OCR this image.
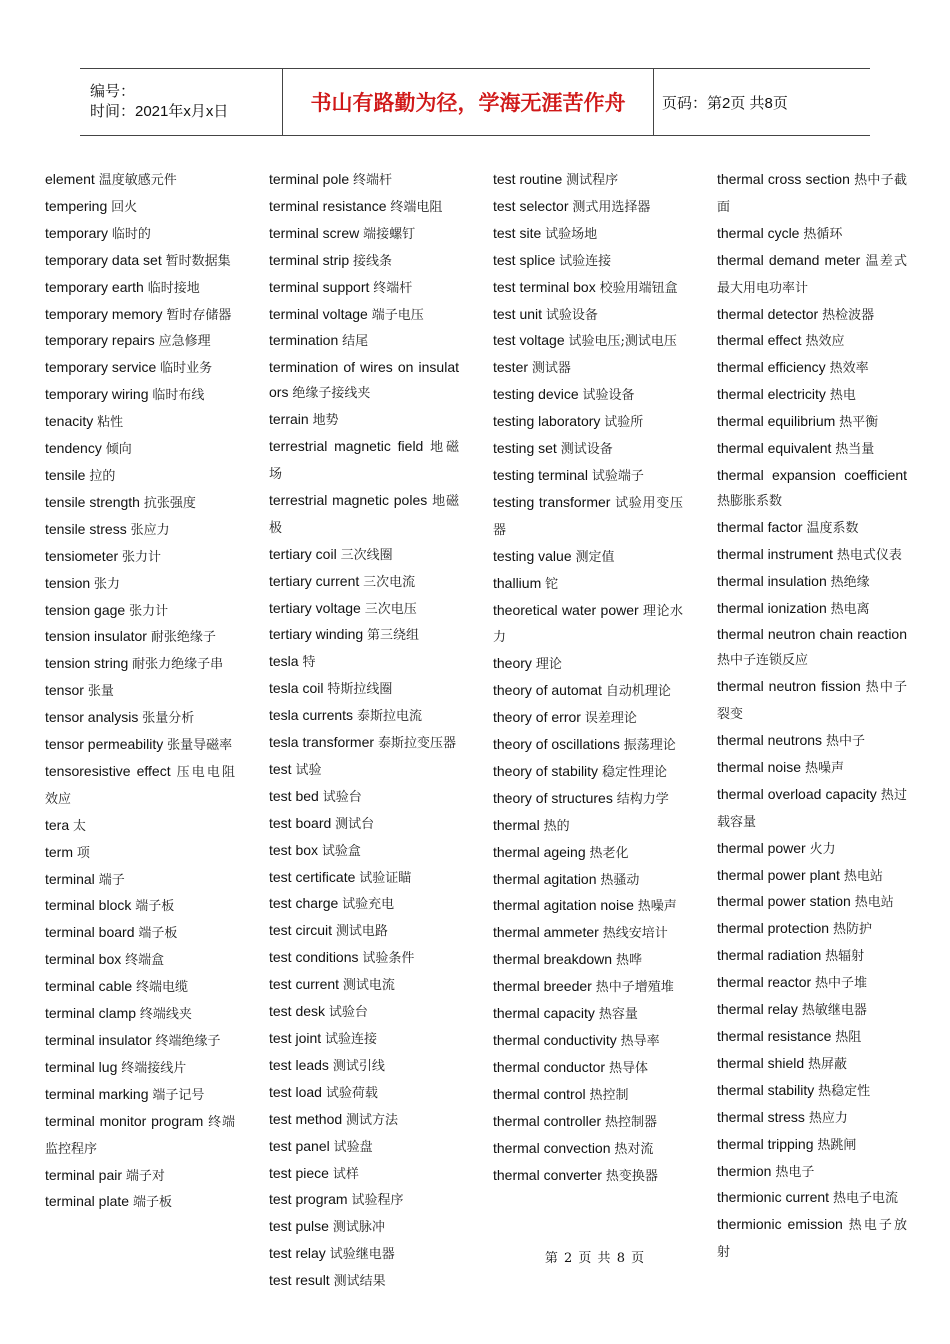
编号：
时间：2021年x月x日	书山有路勤为径，学海无涯苦作舟 页码：第2页 共8页
element 温度敏感元件
tempering 回火
temporary 临时的
temporary data set 暂时数据集
temporary earth 临时接地
temporary memory 暂时存储器
temporary repairs 应急修理
temporary service 临时业务
temporary wiring 临时布线
tenacity 粘性
tendency 倾向
tensile 拉的
tensile strength 抗张强度
tensile stress 张应力
tensiometer 张力计
tension 张力
tension gage 张力计
tension insulator 耐张绝缘子
tension string 耐张力绝缘子串
tensor 张量
tensor analysis 张量分析
tensor permeability 张量导磁率
tensoresistive effect 压电电阻效应
tera 太
term 项
terminal 端子
terminal block 端子板
terminal board 端子板
terminal box 终端盒
terminal cable 终端电缆
terminal clamp 终端线夹
terminal insulator 终端绝缘子
terminal lug 终端接线片
terminal marking 端子记号
terminal monitor program 终端监控程序
terminal pair 端子对
terminal plate 端子板
terminal pole 终端杆
terminal resistance 终端电阻
terminal screw 端接螺钉
terminal strip 接线条
terminal support 终端杆
terminal voltage 端子电压
termination 结尾
termination of wires on insulators 绝缘子接线夹
terrain 地势
terrestrial magnetic field 地磁场
terrestrial magnetic poles 地磁极
tertiary coil 三次线圈
tertiary current 三次电流
tertiary voltage 三次电压
tertiary winding 第三绕组
tesla 特
tesla coil 特斯拉线圈
tesla currents 泰斯拉电流
tesla transformer 泰斯拉变压器
test 试验
test bed 试验台
test board 测试台
test box 试验盒
test certificate 试验证瞄
test charge 试验充电
test circuit 测试电路
test conditions 试验条件
test current 测试电流
test desk 试验台
test joint 试验连接
test leads 测试引线
test load 试验荷载
test method 测试方法
test panel 试验盘
test piece 试样
test program 试验程序
test pulse 测试脉冲
test relay 试验继电器
test result 测试结果
test routine 测试程序
test selector 测式用选择器
test site 试验场地
test splice 试验连接
test terminal box 校验用端钮盒
test unit 试验设备
test voltage 试验电压;测试电压
tester 测试器
testing device 试验设备
testing laboratory 试验所
testing set 测试设备
testing terminal 试验端子
testing transformer 试验用变压器
testing value 测定值
thallium 铊
theoretical water power 理论水力
theory 理论
theory of automat 自动机理论
theory of error 误差理论
theory of oscillations 振荡理论
theory of stability 稳定性理论
theory of structures 结构力学
thermal 热的
thermal ageing 热老化
thermal agitation 热骚动
thermal agitation noise 热噪声
thermal ammeter 热线安培计
thermal breakdown 热哗
thermal breeder 热中子增殖堆
thermal capacity 热容量
thermal conductivity 热导率
thermal conductor 热导体
thermal control 热控制
thermal controller 热控制器
thermal convection 热对流
thermal converter 热变换器
thermal cross section 热中子截面
thermal cycle 热循环
thermal demand meter 温差式最大用电功率计
thermal detector 热检波器
thermal effect 热效应
thermal efficiency 热效率
thermal electricity 热电
thermal equilibrium 热平衡
thermal equivalent 热当量
thermal expansion coefficient 热膨胀系数
thermal factor 温度系数
thermal instrument 热电式仪表
thermal insulation 热绝缘
thermal ionization 热电离
thermal neutron chain reaction 热中子连锁反应
thermal neutron fission 热中子裂变
thermal neutrons 热中子
thermal noise 热噪声
thermal overload capacity 热过载容量
thermal power 火力
thermal power plant 热电站
thermal power station 热电站
thermal protection 热防护
thermal radiation 热辐射
thermal reactor 热中子堆
thermal relay 热敏继电器
thermal resistance 热阻
thermal shield 热屏蔽
thermal stability 热稳定性
thermal stress 热应力
thermal tripping 热跳闸
thermion 热电子
thermionic current 热电子电流
thermionic emission 热电子放射
第 2 页 共 8 页
